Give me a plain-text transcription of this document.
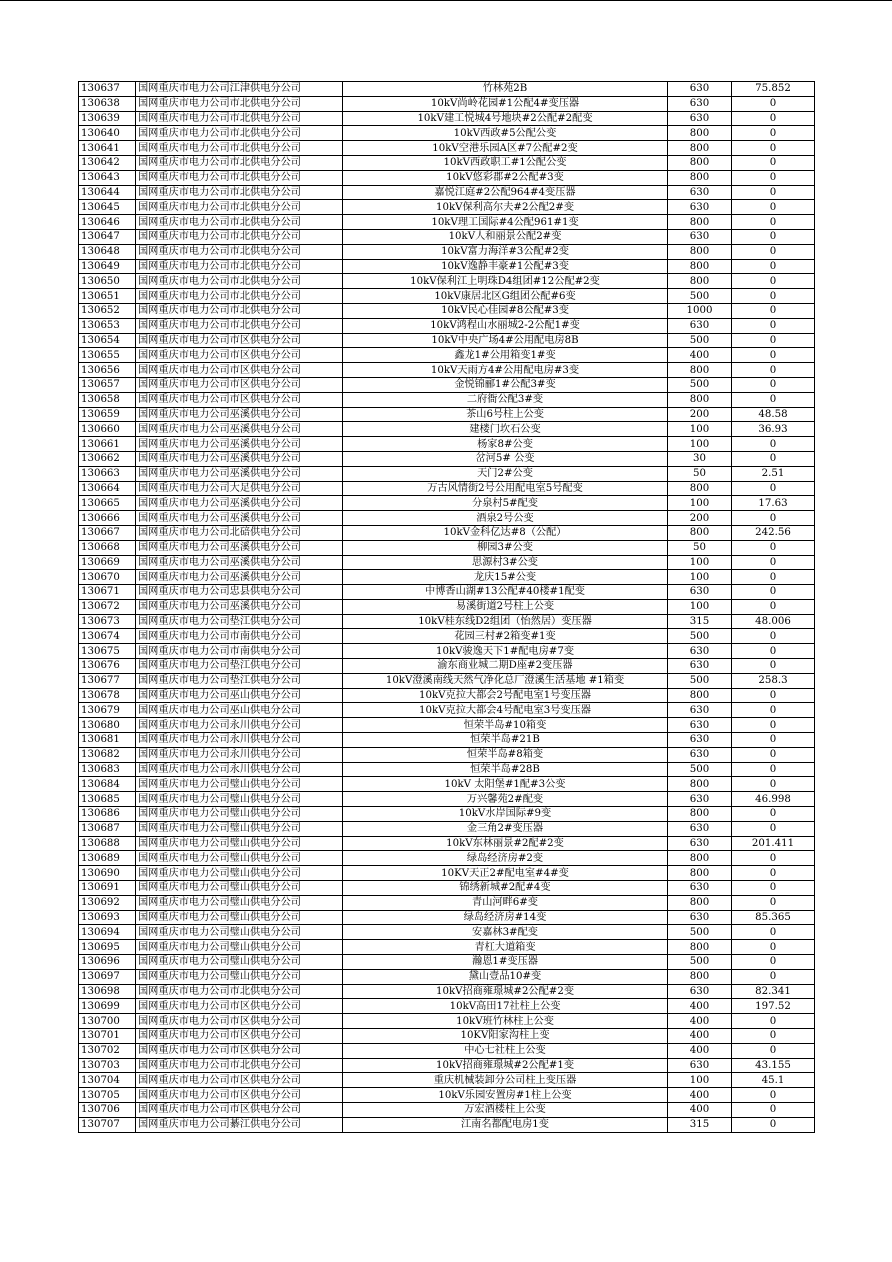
130637	国网重庆市电力公司江津供电分公司	竹林苑2B	630	75.852
130638	国网重庆市电力公司市北供电分公司	10kV尚岭花园#1公配4#变压器	630	0
130639	国网重庆市电力公司市北供电分公司	10kV建工悦城4号地块#2公配#2配变	630	0
130640	国网重庆市电力公司市北供电分公司	10kV西政#5公配公变	800	0
130641	国网重庆市电力公司市北供电分公司	10kV空港乐园A区#7公配#2变	800	0
130642	国网重庆市电力公司市北供电分公司	10kV西政职工#1公配公变	800	0
130643	国网重庆市电力公司市北供电分公司	10kV悠彩郡#2公配#3变	800	0
130644	国网重庆市电力公司市北供电分公司	嘉悦江庭#2公配964#4变压器	630	0
130645	国网重庆市电力公司市北供电分公司	10kV保利高尔夫#2公配2#变	630	0
130646	国网重庆市电力公司市北供电分公司	10kV理工国际#4公配961#1变	800	0
130647	国网重庆市电力公司市北供电分公司	10kV人和丽景公配2#变	630	0
130648	国网重庆市电力公司市北供电分公司	10kV富力海洋#3公配#2变	800	0
130649	国网重庆市电力公司市北供电分公司	10kV逸静丰豪#1公配#3变	800	0
130650	国网重庆市电力公司市北供电分公司	10kV保利江上明珠D4组团#12公配#2变	800	0
130651	国网重庆市电力公司市北供电分公司	10kV康居北区G组团公配#6变	500	0
130652	国网重庆市电力公司市北供电分公司	10kV民心佳园#8公配#3变	1000	0
130653	国网重庆市电力公司市北供电分公司	10kV鸿程山水丽城2-2公配1#变	630	0
130654	国网重庆市电力公司市区供电分公司	10kV中央广场4#公用配电房8B	500	0
130655	国网重庆市电力公司市区供电分公司	鑫龙1#公用箱变1#变	400	0
130656	国网重庆市电力公司市区供电分公司	10kV天雨方4#公用配电房#3变	800	0
130657	国网重庆市电力公司市区供电分公司	金悦锦郦1#公配3#变	500	0
130658	国网重庆市电力公司市区供电分公司	二府衙公配3#变	800	0
130659	国网重庆市电力公司巫溪供电分公司	茶山6号柱上公变	200	48.58
130660	国网重庆市电力公司巫溪供电分公司	建楼门坎石公变	100	36.93
130661	国网重庆市电力公司巫溪供电分公司	杨家8#公变	100	0
130662	国网重庆市电力公司巫溪供电分公司	岔河5# 公变	30	0
130663	国网重庆市电力公司巫溪供电分公司	天门2#公变	50	2.51
130664	国网重庆市电力公司大足供电分公司	万古风情街2号公用配电室5号配变	800	0
130665	国网重庆市电力公司巫溪供电分公司	分泉村5#配变	100	17.63
130666	国网重庆市电力公司巫溪供电分公司	酒泉2号公变	200	0
130667	国网重庆市电力公司北碚供电分公司	10kV金科亿达#8（公配）	800	242.56
130668	国网重庆市电力公司巫溪供电分公司	柳园3#公变	50	0
130669	国网重庆市电力公司巫溪供电分公司	思源村3#公变	100	0
130670	国网重庆市电力公司巫溪供电分公司	龙庆15#公变	100	0
130671	国网重庆市电力公司忠县供电分公司	中博香山湖#13公配#40楼#1配变	630	0
130672	国网重庆市电力公司巫溪供电分公司	易溪街道2号柱上公变	100	0
130673	国网重庆市电力公司垫江供电分公司	10kV桂东线D2组团（怡然居）变压器	315	48.006
130674	国网重庆市电力公司市南供电分公司	花园三村#2箱变#1变	500	0
130675	国网重庆市电力公司市南供电分公司	10kV骏逸天下1#配电房#7变	630	0
130676	国网重庆市电力公司垫江供电分公司	渝东商业城二期D座#2变压器	630	0
130677	国网重庆市电力公司垫江供电分公司	10kV澄溪南线天然气净化总厂澄溪生活基地 #1箱变	500	258.3
130678	国网重庆市电力公司巫山供电分公司	10kV克拉大都会2号配电室1号变压器	800	0
130679	国网重庆市电力公司巫山供电分公司	10kV克拉大都会4号配电室3号变压器	630	0
130680	国网重庆市电力公司永川供电分公司	恒荣半岛#10箱变	630	0
130681	国网重庆市电力公司永川供电分公司	恒荣半岛#21B	630	0
130682	国网重庆市电力公司永川供电分公司	恒荣半岛#8箱变	630	0
130683	国网重庆市电力公司永川供电分公司	恒荣半岛#28B	500	0
130684	国网重庆市电力公司璧山供电分公司	10kV 太阳堡#1配#3公变	800	0
130685	国网重庆市电力公司璧山供电分公司	万兴馨苑2#配变	630	46.998
130686	国网重庆市电力公司璧山供电分公司	10kV水岸国际#9变	800	0
130687	国网重庆市电力公司璧山供电分公司	金三角2#变压器	630	0
130688	国网重庆市电力公司璧山供电分公司	10kV东林丽景#2配#2变	630	201.411
130689	国网重庆市电力公司璧山供电分公司	绿岛经济房#2变	800	0
130690	国网重庆市电力公司璧山供电分公司	10KV天正2#配电室#4#变	800	0
130691	国网重庆市电力公司璧山供电分公司	锦绣新城#2配#4变	630	0
130692	国网重庆市电力公司璧山供电分公司	青山河畔6#变	800	0
130693	国网重庆市电力公司璧山供电分公司	绿岛经济房#14变	630	85.365
130694	国网重庆市电力公司璧山供电分公司	安嘉林3#配变	500	0
130695	国网重庆市电力公司璧山供电分公司	青杠大道箱变	800	0
130696	国网重庆市电力公司璧山供电分公司	瀚恩1#变压器	500	0
130697	国网重庆市电力公司璧山供电分公司	黛山壹品10#变	800	0
130698	国网重庆市电力公司市北供电分公司	10kV招商雍璟城#2公配#2变	630	82.341
130699	国网重庆市电力公司市区供电分公司	10kV高田17社柱上公变	400	197.52
130700	国网重庆市电力公司市区供电分公司	10kV班竹林柱上公变	400	0
130701	国网重庆市电力公司市区供电分公司	10KV阳家沟柱上变	400	0
130702	国网重庆市电力公司市区供电分公司	中心七社柱上公变	400	0
130703	国网重庆市电力公司市北供电分公司	10kV招商雍璟城#2公配#1变	630	43.155
130704	国网重庆市电力公司市区供电分公司	重庆机械装卸分公司柱上变压器	100	45.1
130705	国网重庆市电力公司市区供电分公司	10kV乐园安置房#1柱上公变	400	0
130706	国网重庆市电力公司市区供电分公司	万宏酒楼柱上公变	400	0
130707	国网重庆市电力公司綦江供电分公司	江南名都配电房1变	315	0
